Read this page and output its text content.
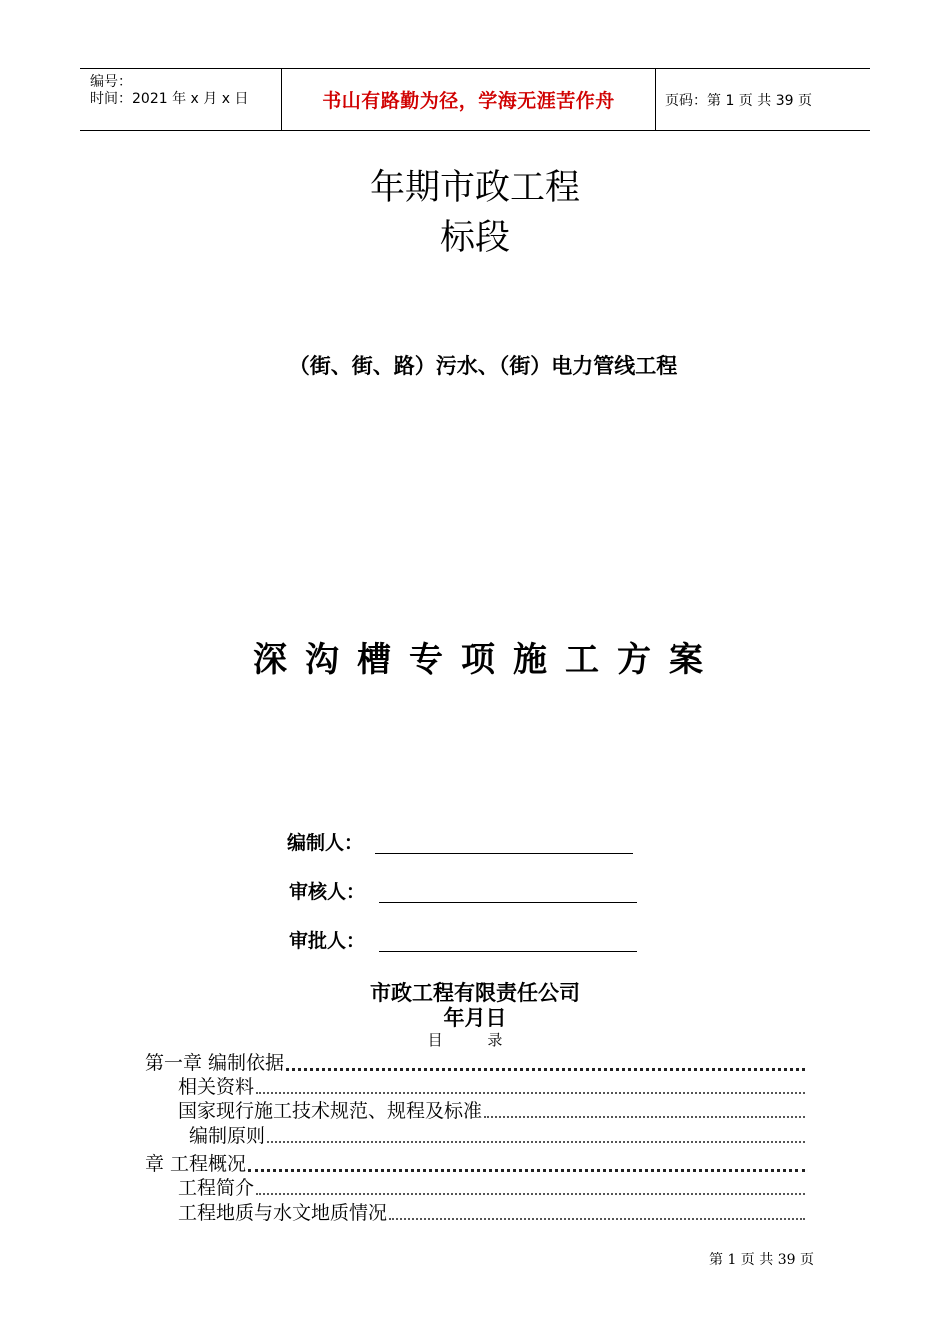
编号：
时间：2021 年 x 月 x 日	书山有路勤为径，学海无涯苦作舟	页码：第 1 页 共 39 页
年期市政工程
标段
（街、街、路）污水、（街）电力管线工程
深沟槽专项施工方案
编制人：
审核人：
审批人：
市政工程有限责任公司
年月日
目 录
第一章 编制依据
相关资料
国家现行施工技术规范、规程及标准
编制原则
章 工程概况
工程简介
工程地质与水文地质情况
第 1 页 共 39 页
